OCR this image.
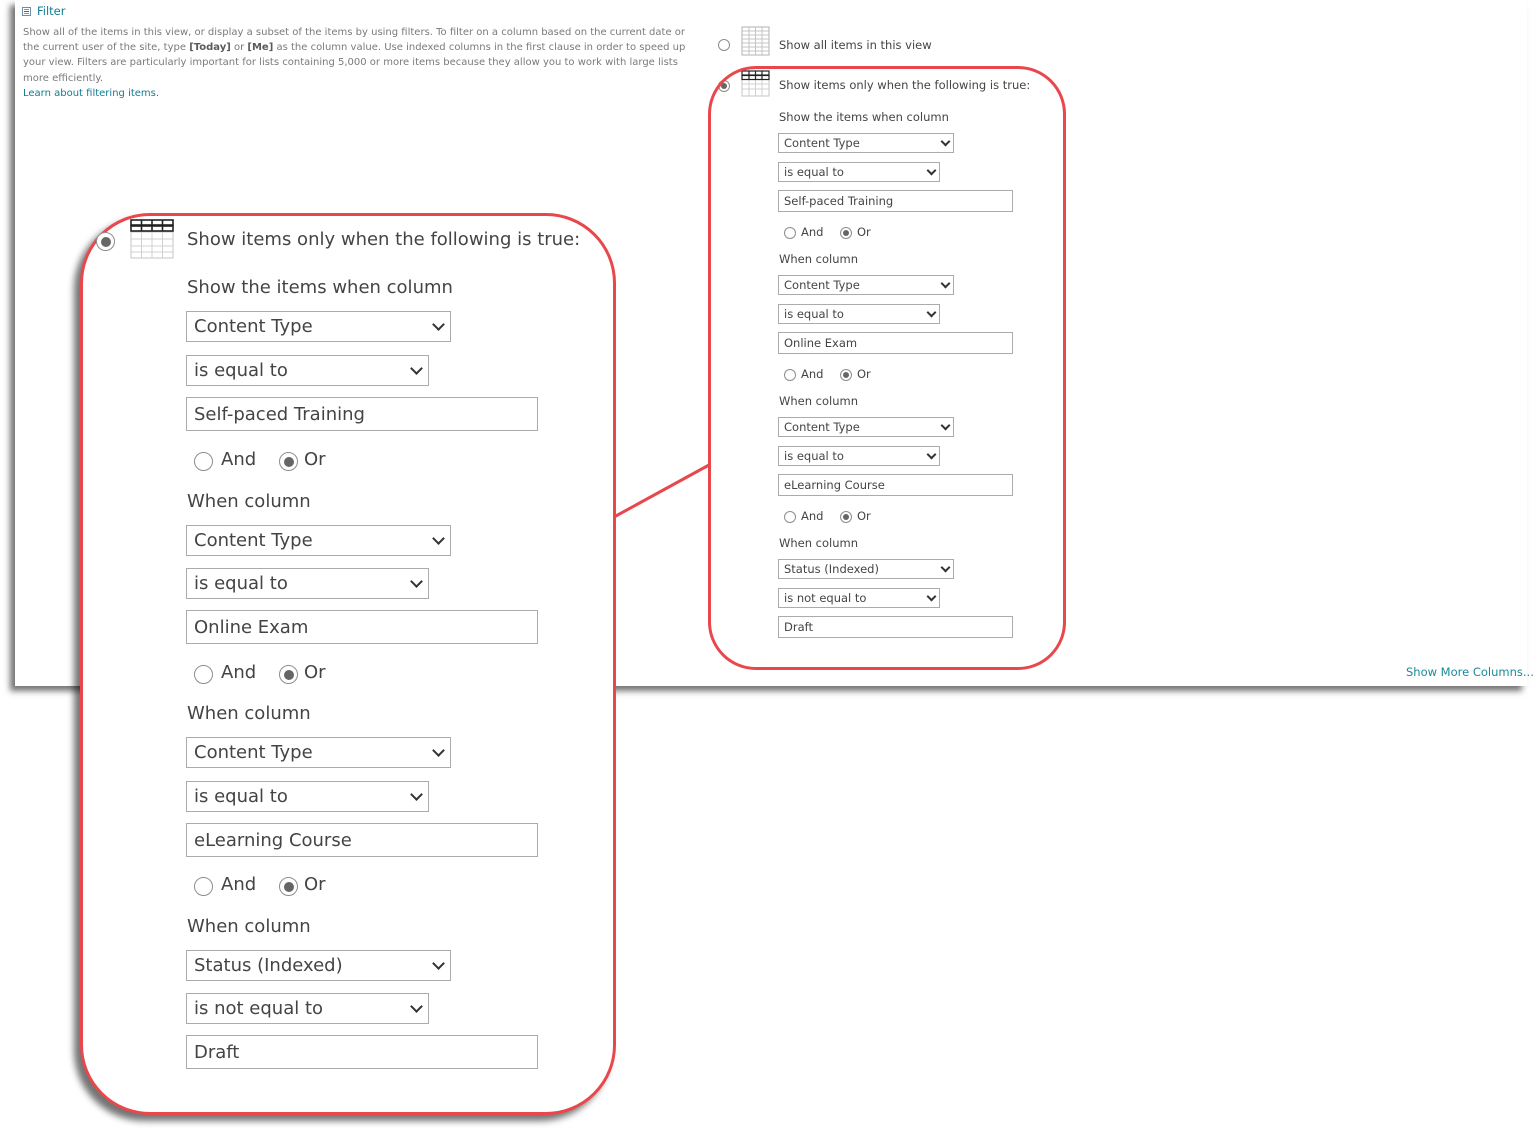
Filter
Show all of the items in this view, or display a subset of the items by using filters. To filter on a column based on the current date or the current user of the site, type [Today] or [Me] as the column value. Use indexed columns in the first clause in order to speed up your view. Filters are particularly important for lists containing 5,000 or more items because they allow you to work with large lists more efficiently.
Learn about filtering items.
Show all items in this view
Show items only when the following is true:
Show the items when column
Content Type
is equal to
Self-paced Training
And	Or
When column
Content Type
is equal to
Online Exam
And	Or
When column
Content Type
is equal to
eLearning Course
And	Or
When column
Status (Indexed)
is not equal to
Draft
Show More Columns...
Show items only when the following is true:
Show the items when column
Content Type
is equal to
Self-paced Training
And	Or
When column
Content Type
is equal to
Online Exam
And	Or
When column
Content Type
is equal to
eLearning Course
And	Or
When column
Status (Indexed)
is not equal to
Draft
